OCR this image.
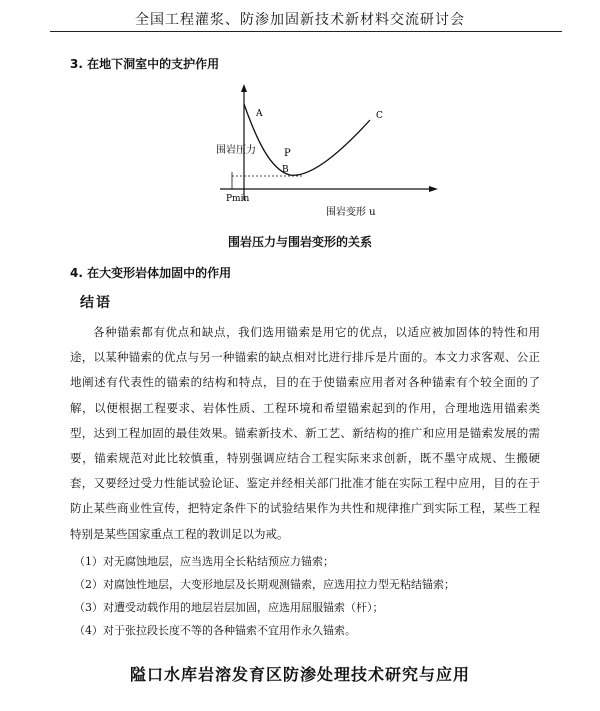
全国工程灌浆、防渗加固新技术新材料交流研讨会
3. 在地下洞室中的支护作用
A
B
C
围岩压力	P
Pmin
围岩变形 u
围岩压力与围岩变形的关系
4. 在大变形岩体加固中的作用
结语
各种锚索都有优点和缺点，我们选用锚索是用它的优点，以适应被加固体的特性和用途，以某种锚索的优点与另一种锚索的缺点相对比进行排斥是片面的。本文力求客观、公正地阐述有代表性的锚索的结构和特点，目的在于使锚索应用者对各种锚索有个较全面的了解，以便根据工程要求、岩体性质、工程环境和希望锚索起到的作用，合理地选用锚索类型，达到工程加固的最佳效果。锚索新技术、新工艺、新结构的推广和应用是锚索发展的需要，锚索规范对此比较慎重，特别强调应结合工程实际来求创新，既不墨守成规、生搬硬套，又要经过受力性能试验论证、鉴定并经相关部门批准才能在实际工程中应用，目的在于防止某些商业性宣传，把特定条件下的试验结果作为共性和规律推广到实际工程，某些工程特别是某些国家重点工程的教训足以为戒。
（1）对无腐蚀地层，应当选用全长粘结预应力锚索；
（2）对腐蚀性地层，大变形地层及长期观测锚索，应选用拉力型无粘结锚索；
（3）对遭受动载作用的地层岩层加固，应选用屈服锚索（杆）；
（4）对于张拉段长度不等的各种锚索不宜用作永久锚索。
隘口水库岩溶发育区防渗处理技术研究与应用
